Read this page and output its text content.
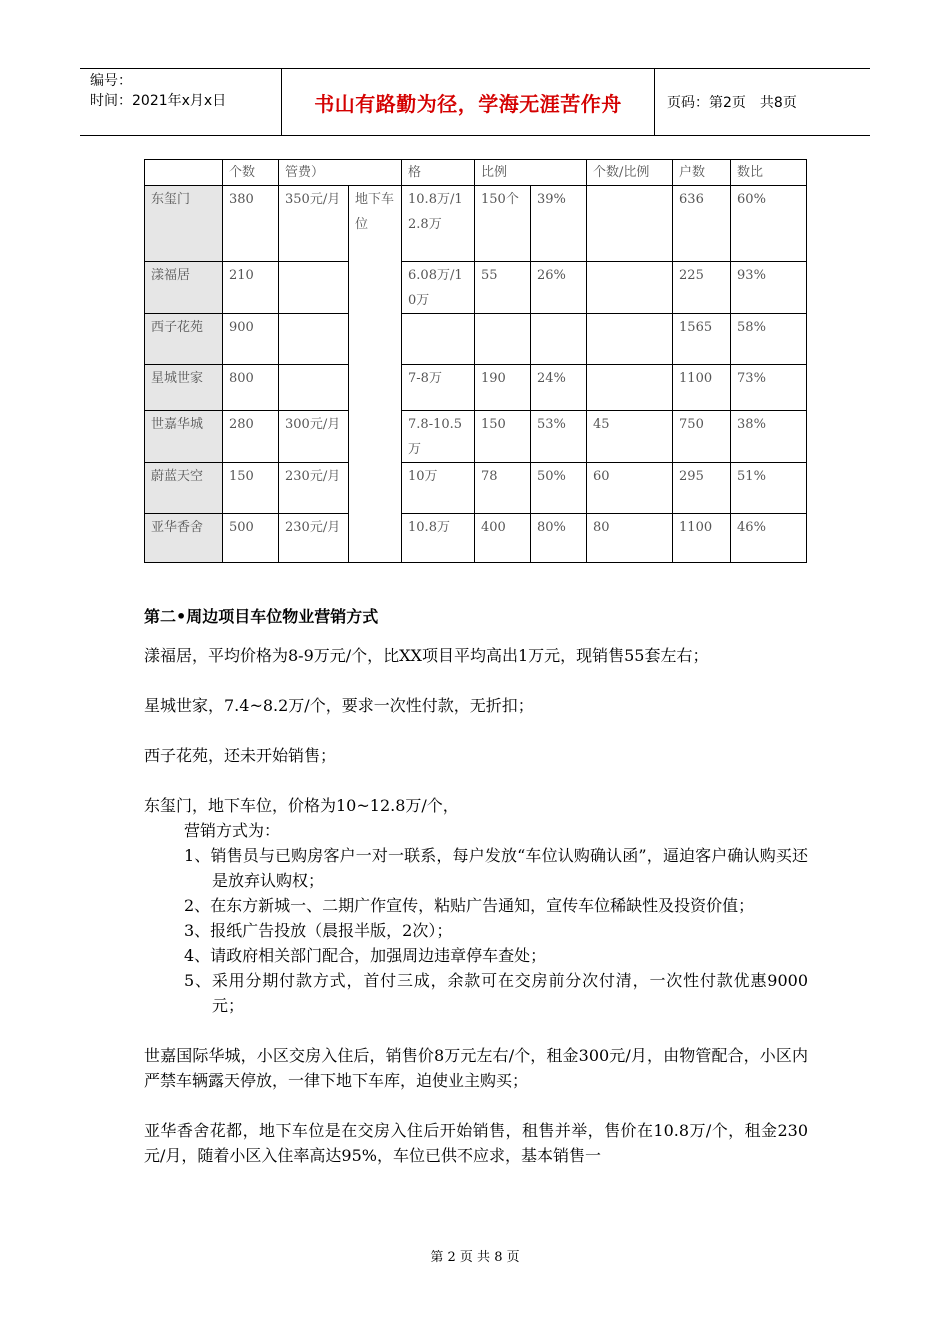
编号：
时间：2021年x月x日	书山有路勤为径，学海无涯苦作舟	页码：第2页 共8页
	个数	管费）		格	比例		个数/比例	户数	数比
东玺门	380	350元/月	地下车位	10.8万/12.8万	150个	39%		636	60%
漾福居	210			6.08万/10万	55	26%		225	93%
西子花苑	900							1565	58%
星城世家	800			7-8万	190	24%		1100	73%
世嘉华城	280	300元/月		7.8-10.5万	150	53%	45	750	38%
蔚蓝天空	150	230元/月		10万	78	50%	60	295	51%
亚华香舍	500	230元/月		10.8万	400	80%	80	1100	46%
第二•周边项目车位物业营销方式

漾福居，平均价格为8-9万元/个，比XX项目平均高出1万元，现销售55套左右；

星城世家，7.4~8.2万/个，要求一次性付款，无折扣；

西子花苑，还未开始销售；

东玺门，地下车位，价格为10~12.8万/个，

营销方式为：
1、销售员与已购房客户一对一联系，每户发放“车位认购确认函”，逼迫客户确认购买还是放弃认购权；
2、在东方新城一、二期广作宣传，粘贴广告通知，宣传车位稀缺性及投资价值；
3、报纸广告投放（晨报半版，2次）；
4、请政府相关部门配合，加强周边违章停车查处；
5、采用分期付款方式，首付三成，余款可在交房前分次付清，一次性付款优惠9000元；

世嘉国际华城，小区交房入住后，销售价8万元左右/个，租金300元/月，由物管配合，小区内严禁车辆露天停放，一律下地下车库，迫使业主购买；

亚华香舍花都，地下车位是在交房入住后开始销售，租售并举，售价在10.8万/个，租金230元/月，随着小区入住率高达95%，车位已供不应求，基本销售一

第 2 页 共 8 页
